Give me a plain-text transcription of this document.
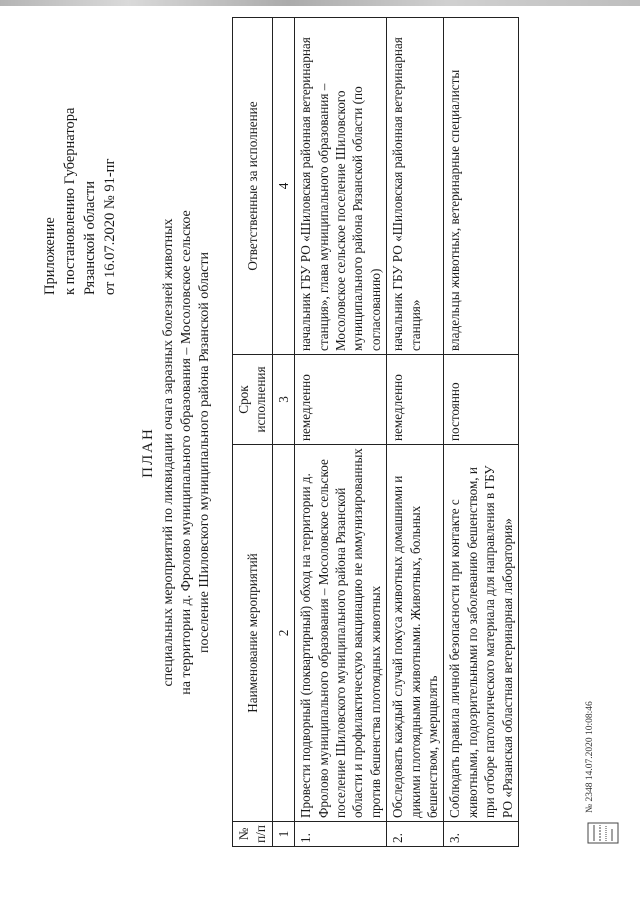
Приложение к постановлению Губернатора Рязанской области от 16.07.2020 № 91-пг
ПЛАН специальных мероприятий по ликвидации очага заразных болезней животных на территории д. Фролово муниципального образования – Мосоловское сельское поселение Шиловского муниципального района Рязанской области
№ п/п	Наименование мероприятий	Срок исполнения	Ответственные за исполнение
1	2	3	4
1.	Провести подворный (поквартирный) обход на территории д. Фролово муниципального образования – Мосоловское сельское поселение Шиловского муниципального района Рязанской области и профилактическую вакцинацию не иммунизированных против бешенства плотоядных животных	немедленно	начальник ГБУ РО «Шиловская районная ветеринарная станция», глава муниципального образования – Мосоловское сельское поселение Шиловского муниципального района Рязанской области (по согласованию)
2.	Обследовать каждый случай покуса животных домашними и дикими плотоядными животными. Животных, больных бешенством, умерщвлять	немедленно	начальник ГБУ РО «Шиловская районная ветеринарная станция»
3.	Соблюдать правила личной безопасности при контакте с животными, подозрительными по заболеванию бешенством, и при отборе патологического материала для направления в ГБУ РО «Рязанская областная ветеринарная лаборатория»	постоянно	владельцы животных, ветеринарные специалисты
№ 2348 14.07.2020 10:08:46
